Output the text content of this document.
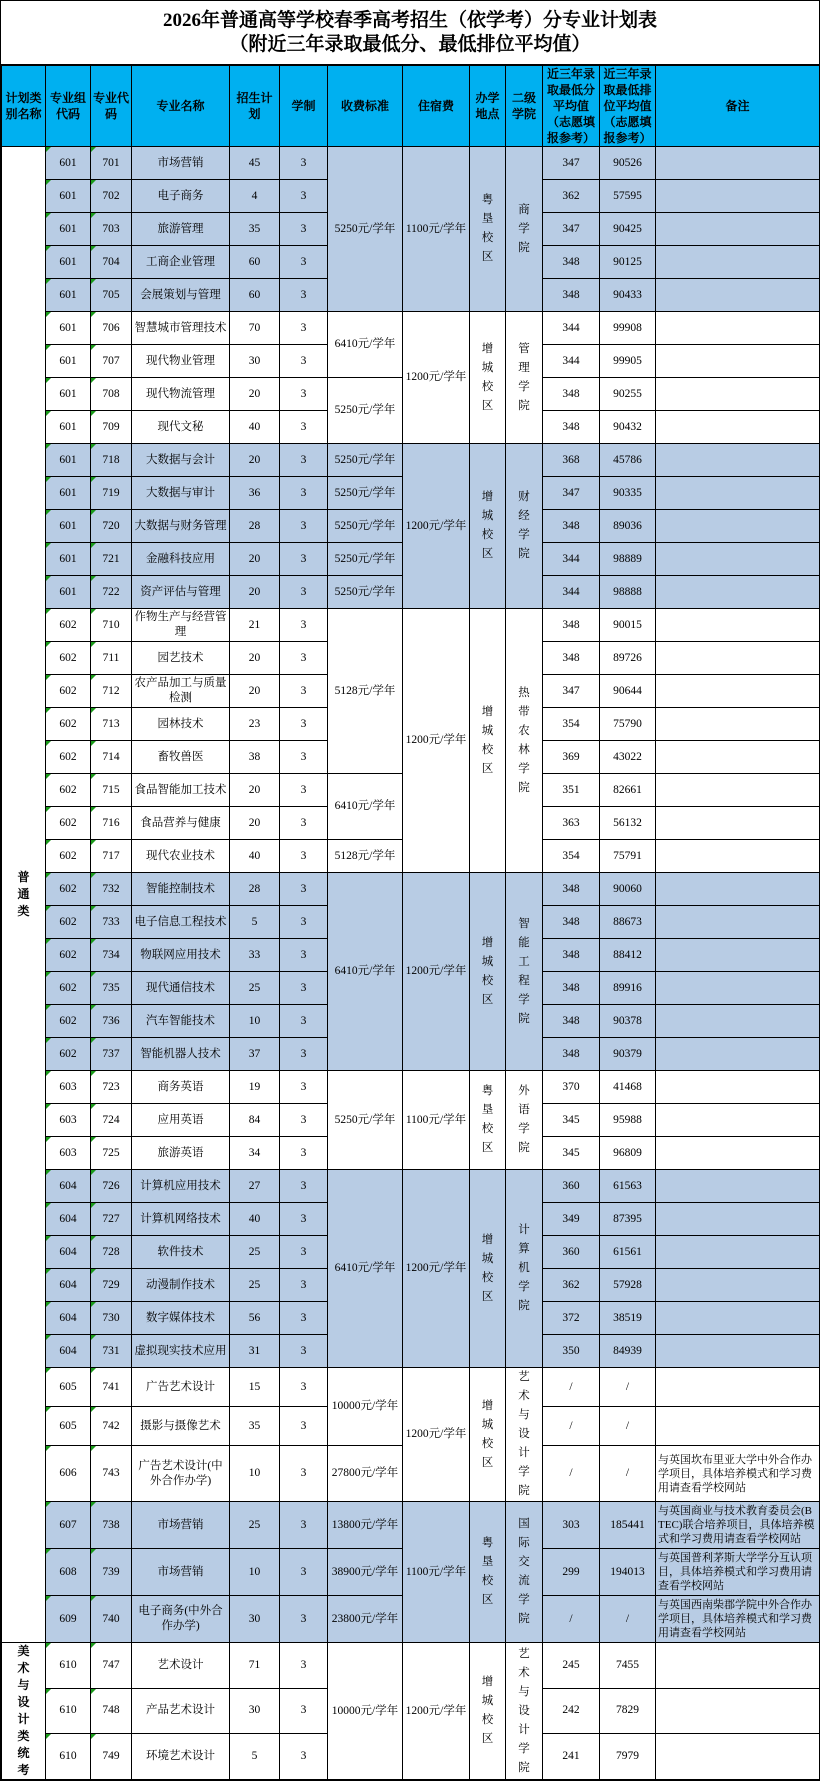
2026年普通高等学校春季高考招生（依学考）分专业计划表
（附近三年录取最低分、最低排位平均值）
计划类别名称	专业组代码	专业代码	专业名称	招生计划	学制	收费标准	住宿费	办学地点	二级学院	近三年录取最低分平均值（志愿填报参考）	近三年录取最低排位平均值（志愿填报参考）	备注
普通类	601	701	市场营销	45	3	5250元/学年	1100元/学年	粤垦校区	商学院	347	90526	
	601	702	电子商务	4	3					362	57595	
	601	703	旅游管理	35	3					347	90425	
	601	704	工商企业管理	60	3					348	90125	
	601	705	会展策划与管理	60	3					348	90433	
	601	706	智慧城市管理技术	70	3	6410元/学年	1200元/学年	增城校区	管理学院	344	99908	
	601	707	现代物业管理	30	3					344	99905	
	601	708	现代物流管理	20	3	5250元/学年				348	90255	
	601	709	现代文秘	40	3					348	90432	
	601	718	大数据与会计	20	3	5250元/学年	1200元/学年	增城校区	财经学院	368	45786	
	601	719	大数据与审计	36	3	5250元/学年				347	90335	
	601	720	大数据与财务管理	28	3	5250元/学年				348	89036	
	601	721	金融科技应用	20	3	5250元/学年				344	98889	
	601	722	资产评估与管理	20	3	5250元/学年				344	98888	
	602	710	作物生产与经营管理	21	3	5128元/学年	1200元/学年	增城校区	热带农林学院	348	90015	
	602	711	园艺技术	20	3					348	89726	
	602	712	农产品加工与质量检测	20	3					347	90644	
	602	713	园林技术	23	3					354	75790	
	602	714	畜牧兽医	38	3					369	43022	
	602	715	食品智能加工技术	20	3	6410元/学年				351	82661	
	602	716	食品营养与健康	20	3					363	56132	
	602	717	现代农业技术	40	3	5128元/学年				354	75791	
	602	732	智能控制技术	28	3	6410元/学年	1200元/学年	增城校区	智能工程学院	348	90060	
	602	733	电子信息工程技术	5	3					348	88673	
	602	734	物联网应用技术	33	3					348	88412	
	602	735	现代通信技术	25	3					348	89916	
	602	736	汽车智能技术	10	3					348	90378	
	602	737	智能机器人技术	37	3					348	90379	
	603	723	商务英语	19	3	5250元/学年	1100元/学年	粤垦校区	外语学院	370	41468	
	603	724	应用英语	84	3					345	95988	
	603	725	旅游英语	34	3					345	96809	
	604	726	计算机应用技术	27	3	6410元/学年	1200元/学年	增城校区	计算机学院	360	61563	
	604	727	计算机网络技术	40	3					349	87395	
	604	728	软件技术	25	3					360	61561	
	604	729	动漫制作技术	25	3					362	57928	
	604	730	数字媒体技术	56	3					372	38519	
	604	731	虚拟现实技术应用	31	3					350	84939	
	605	741	广告艺术设计	15	3	10000元/学年	1200元/学年	增城校区	艺术与设计学院	/	/	
	605	742	摄影与摄像艺术	35	3					/	/	
	606	743	广告艺术设计(中外合作办学)	10	3	27800元/学年				/	/	与英国坎布里亚大学中外合作办学项目，具体培养模式和学习费用请查看学校网站
	607	738	市场营销	25	3	13800元/学年	1100元/学年	粤垦校区	国际交流学院	303	185441	与英国商业与技术教育委员会(BTEC)联合培养项目，具体培养模式和学习费用请查看学校网站
	608	739	市场营销	10	3	38900元/学年				299	194013	与英国普利茅斯大学学分互认项目，具体培养模式和学习费用请查看学校网站
	609	740	电子商务(中外合作办学)	30	3	23800元/学年				/	/	与英国西南柴郡学院中外合作办学项目，具体培养模式和学习费用请查看学校网站
美术与设计类统考	610	747	艺术设计	71	3	10000元/学年	1200元/学年	增城校区	艺术与设计学院	245	7455	
	610	748	产品艺术设计	30	3					242	7829	
	610	749	环境艺术设计	5	3					241	7979	
